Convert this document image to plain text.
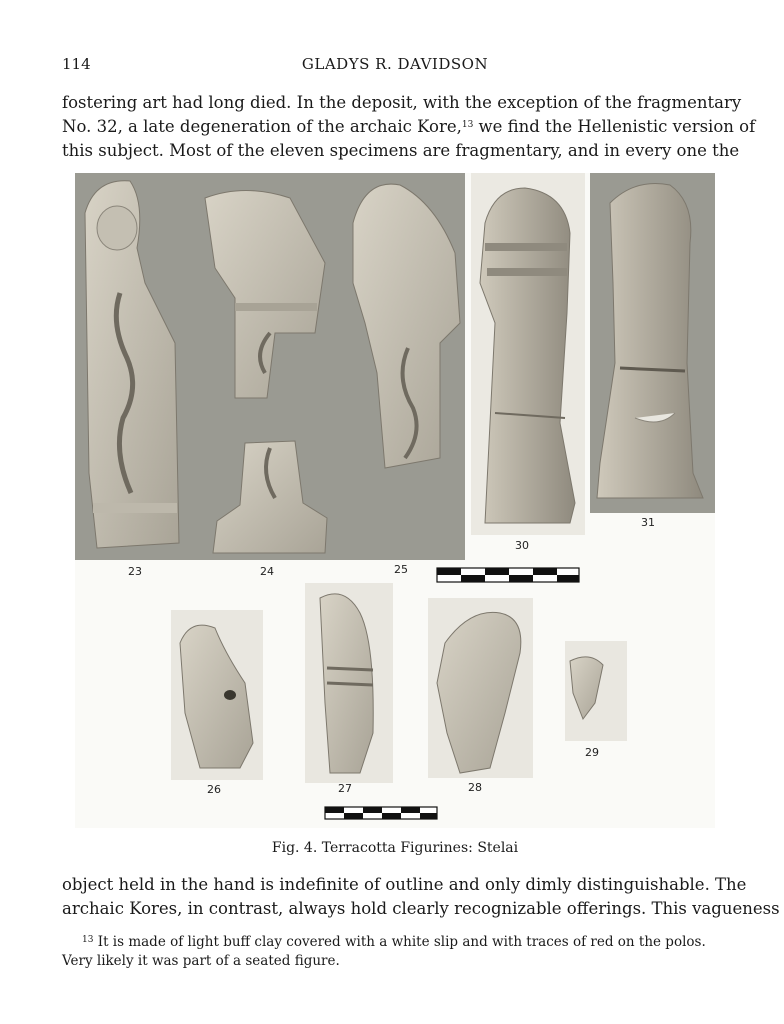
114	GLADYS R. DAVIDSON
fostering art had long died. In the deposit, with the exception of the fragmentary
No. 32, a late degeneration of the archaic Kore,$^{13}$ we find the Hellenistic version of
this subject. Most of the eleven specimens are fragmentary, and in every one the
23	24	25
30
31
26	27	28
29
Fig. 4. Terracotta Figurines: Stelai
object held in the hand is indefinite of outline and only dimly distinguishable. The
archaic Kores, in contrast, always hold clearly recognizable offerings. This vagueness
$^{13}$ It is made of light buff clay covered with a white slip and with traces of red on the polos.
Very likely it was part of a seated figure.
